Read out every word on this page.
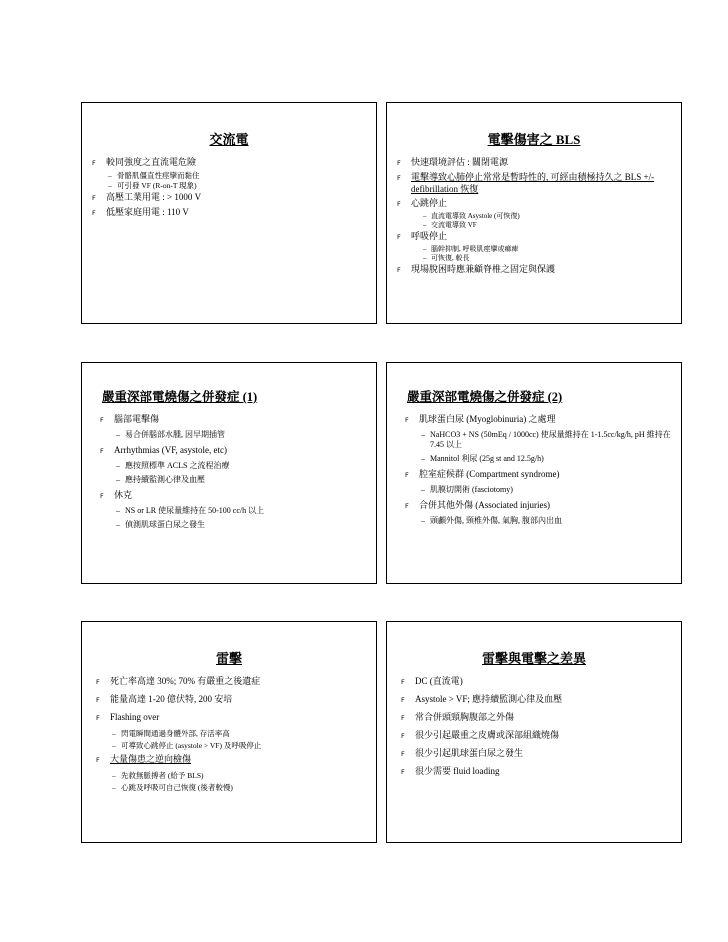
交流電
F	較同強度之直流電危險
– 骨骼肌僵直性痙攣而黏住
– 可引發 VF (R-on-T 現象)
F	高壓工業用電 : > 1000 V
F	低壓家庭用電 : 110 V
電擊傷害之 BLS
F	快速環境評估 : 關閉電源
F	電擊導致心肺停止常常是暫時性的, 可經由積極持久之 BLS +/- defibrillation 恢復
F	心跳停止
– 直流電導致 Asystole (可恢復)
– 交流電導致 VF
F	呼吸停止
– 腦幹抑制, 呼吸肌痙攣或痲痺
– 可恢復, 較長
F	現場脫困時應兼顧脊椎之固定與保護
嚴重深部電燒傷之併發症 (1)
F	腦部電擊傷
– 易合併腦部水腫, 因早期插管
F	Arrhythmias (VF, asystole, etc)
– 應按照標準 ACLS 之流程治療
– 應持續監測心律及血壓
F	休克
– NS or LR 使尿量維持在 50-100 cc/h 以上
– 偵測肌球蛋白尿之發生
嚴重深部電燒傷之併發症 (2)
F	肌球蛋白尿 (Myoglobinuria) 之處理
– NaHCO3 + NS (50mEq / 1000cc) 使尿量維持在 1-1.5cc/kg/h, pH 維持在 7.45 以上
– Mannitol 利尿 (25g st and 12.5g/h)
F	腔室症候群 (Compartment syndrome)
– 肌膜切開術 (fasciotomy)
F	合併其他外傷 (Associated injuries)
– 頭顱外傷, 頸椎外傷, 氣胸, 腹部內出血
雷擊
F	死亡率高達 30%; 70% 有嚴重之後遺症
F	能量高達 1-20 億伏特, 200 安培
F	Flashing over
– 閃電瞬間通過身體外部, 存活率高
– 可導致心跳停止 (asystole > VF) 及呼吸停止
F	大量傷患之逆向檢傷
– 先救無脈搏者 (給予 BLS)
– 心跳及呼吸可自己恢復 (後者較慢)
雷擊與電擊之差異
F	DC (直流電)
F	Asystole > VF; 應持續監測心律及血壓
F	常合併頭頸胸腹部之外傷
F	很少引起嚴重之皮膚或深部組織燒傷
F	很少引起肌球蛋白尿之發生
F	很少需要 fluid loading
